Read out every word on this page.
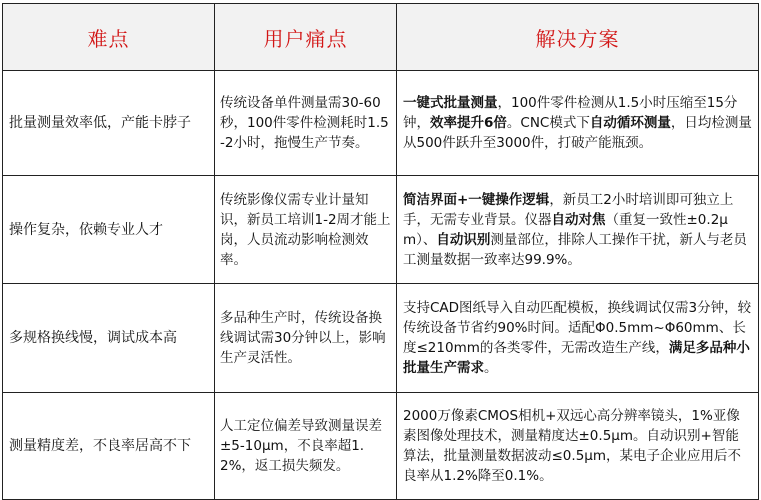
难点	用户痛点	解决方案
批量测量效率低，产能卡脖子	传统设备单件测量需30-60秒，100件零件检测耗时1.5-2小时，拖慢生产节奏。	一键式批量测量，100件零件检测从1.5小时压缩至15分钟，效率提升6倍。CNC模式下自动循环测量，日均检测量从500件跃升至3000件，打破产能瓶颈。
操作复杂，依赖专业人才	传统影像仪需专业计量知识，新员工培训1-2周才能上岗，人员流动影响检测效率。	简洁界面+一键操作逻辑，新员工2小时培训即可独立上手，无需专业背景。仪器自动对焦（重复一致性±0.2μm）、自动识别测量部位，排除人工操作干扰，新人与老员工测量数据一致率达99.9%。
多规格换线慢，调试成本高	多品种生产时，传统设备换线调试需30分钟以上，影响生产灵活性。	支持CAD图纸导入自动匹配模板，换线调试仅需3分钟，较传统设备节省约90%时间。适配Φ0.5mm~Φ60mm、长度≤210mm的各类零件，无需改造生产线，满足多品种小批量生产需求。
测量精度差，不良率居高不下	人工定位偏差导致测量误差±5-10μm，不良率超1.2%，返工损失频发。	2000万像素CMOS相机+双远心高分辨率镜头，1%亚像素图像处理技术，测量精度达±0.5μm。自动识别+智能算法，批量测量数据波动≤0.5μm，某电子企业应用后不良率从1.2%降至0.1%。
